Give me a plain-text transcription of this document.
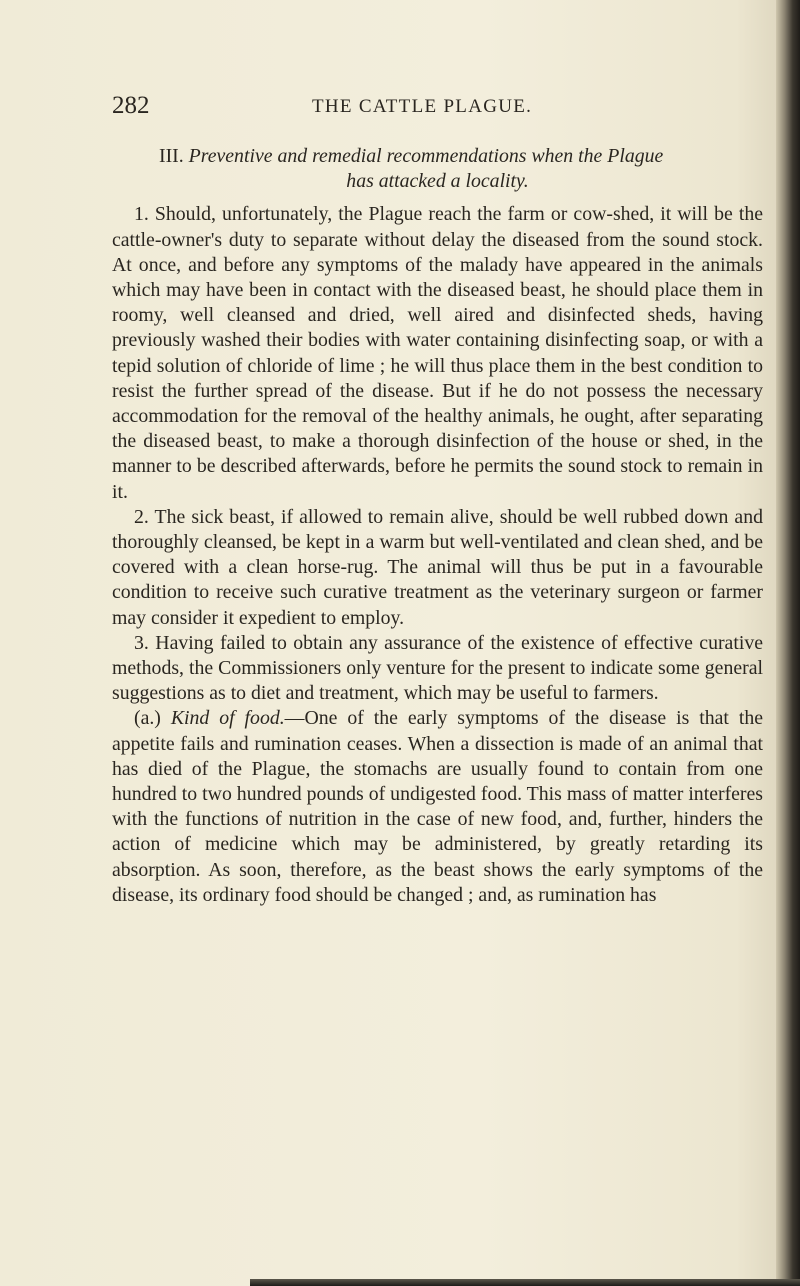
282	THE CATTLE PLAGUE.

III. Preventive and remedial recommendations when the Plague

has attacked a locality.

1. Should, unfortunately, the Plague reach the farm or cow-shed, it will be the cattle-owner's duty to separate without delay the diseased from the sound stock. At once, and before any symptoms of the malady have appeared in the animals which may have been in contact with the diseased beast, he should place them in roomy, well cleansed and dried, well aired and disinfected sheds, having previously washed their bodies with water containing disinfecting soap, or with a tepid solution of chloride of lime ; he will thus place them in the best condition to resist the further spread of the disease. But if he do not possess the necessary accommodation for the removal of the healthy animals, he ought, after separating the diseased beast, to make a thorough disinfection of the house or shed, in the manner to be described afterwards, before he permits the sound stock to remain in it.

2. The sick beast, if allowed to remain alive, should be well rubbed down and thoroughly cleansed, be kept in a warm but well-ventilated and clean shed, and be covered with a clean horse-rug. The animal will thus be put in a favourable condition to receive such curative treatment as the veterinary surgeon or farmer may consider it expedient to employ.

3. Having failed to obtain any assurance of the existence of effective curative methods, the Commissioners only venture for the present to indicate some general suggestions as to diet and treatment, which may be useful to farmers.

(a.) Kind of food.—One of the early symptoms of the disease is that the appetite fails and rumination ceases. When a dissection is made of an animal that has died of the Plague, the stomachs are usually found to contain from one hundred to two hundred pounds of undigested food. This mass of matter interferes with the functions of nutrition in the case of new food, and, further, hinders the action of medicine which may be administered, by greatly retarding its absorption. As soon, therefore, as the beast shows the early symptoms of the disease, its ordinary food should be changed ; and, as rumination has
